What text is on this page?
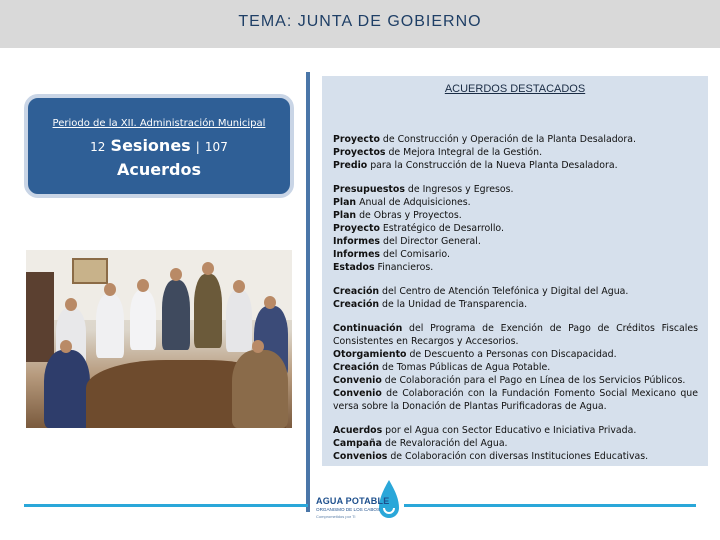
TEMA: JUNTA DE GOBIERNO
Periodo de la XII. Administración Municipal
12 Sesiones | 107
Acuerdos
ACUERDOS DESTACADOS
Proyecto de Construcción y Operación de la Planta Desaladora.
Proyectos de Mejora Integral de la Gestión.
Predio para la Construcción de la Nueva Planta Desaladora.
Presupuestos de Ingresos y Egresos.
Plan Anual de Adquisiciones.
Plan de Obras y Proyectos.
Proyecto Estratégico de Desarrollo.
Informes del Director General.
Informes del Comisario.
Estados Financieros.
Creación del Centro de Atención Telefónica y Digital del Agua.
Creación de la Unidad de Transparencia.
Continuación del Programa de Exención de Pago de Créditos Fiscales Consistentes en Recargos y Accesorios.
Otorgamiento de Descuento a Personas con Discapacidad.
Creación de Tomas Públicas de Agua Potable.
Convenio de Colaboración para el Pago en Línea de los Servicios Públicos.
Convenio de Colaboración con la Fundación Fomento Social Mexicano que versa sobre la Donación de Plantas Purificadoras de Agua.
Acuerdos por el Agua con Sector Educativo e Iniciativa Privada.
Campaña de Revaloración del Agua.
Convenios de Colaboración con diversas Instituciones Educativas.
AGUA POTABLE
ORGANISMO DE LOS CABOS
Comprometidos por Ti
